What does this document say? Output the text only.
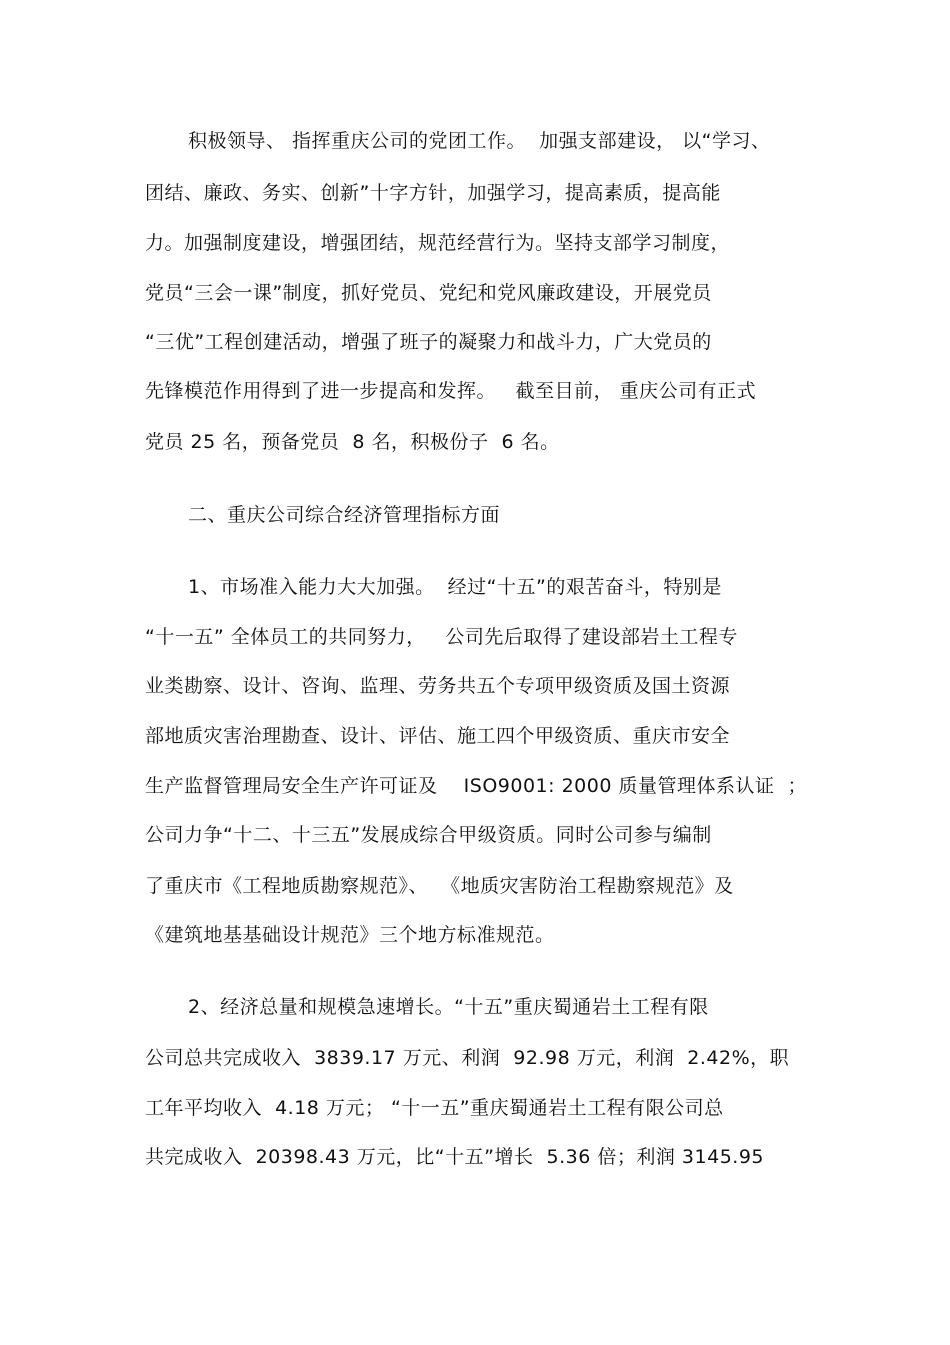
积极领导、 指挥重庆公司的党团工作。  加强支部建设， 以“学习、
团结、廉政、务实、创新”十字方针，加强学习，提高素质，提高能
力。加强制度建设，增强团结，规范经营行为。坚持支部学习制度，
党员“三会一课”制度，抓好党员、党纪和党风廉政建设，开展党员
“三优”工程创建活动，增强了班子的凝聚力和战斗力，广大党员的
先锋模范作用得到了进一步提高和发挥。   截至目前， 重庆公司有正式
党员 25 名，预备党员  8 名，积极份子  6 名。
二、重庆公司综合经济管理指标方面
1、市场准入能力大大加强。  经过“十五”的艰苦奋斗，特别是
“十一五” 全体员工的共同努力，   公司先后取得了建设部岩土工程专
业类勘察、设计、咨询、监理、劳务共五个专项甲级资质及国土资源
部地质灾害治理勘查、设计、评估、施工四个甲级资质、重庆市安全
生产监督管理局安全生产许可证及    ISO9001: 2000 质量管理体系认证  ；
公司力争“十二、十三五”发展成综合甲级资质。同时公司参与编制
了重庆市《工程地质勘察规范》、  《地质灾害防治工程勘察规范》及
《建筑地基基础设计规范》三个地方标准规范。
2、经济总量和规模急速增长。“十五”重庆蜀通岩土工程有限
公司总共完成收入  3839.17 万元、利润  92.98 万元，利润  2.42%，职
工年平均收入  4.18 万元； “十一五”重庆蜀通岩土工程有限公司总
共完成收入  20398.43 万元，比“十五”增长  5.36 倍；利润 3145.95
